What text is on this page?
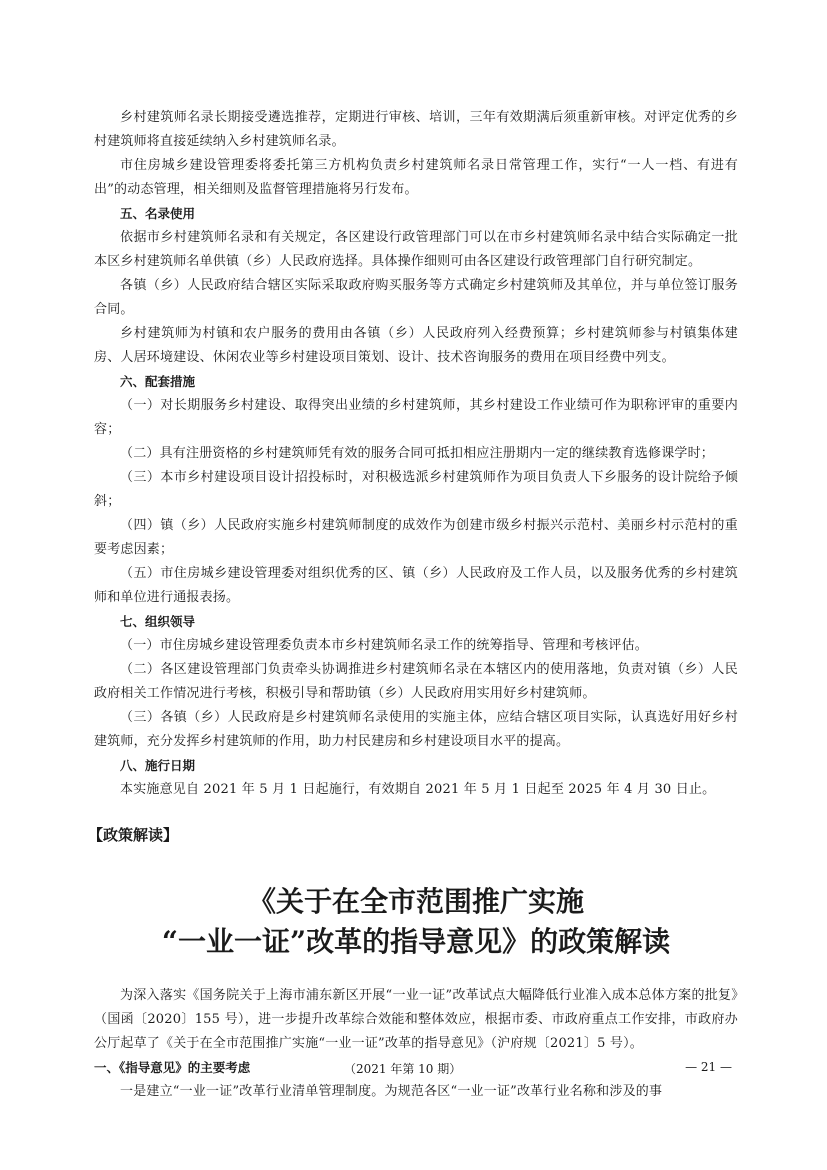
乡村建筑师名录长期接受遴选推荐，定期进行审核、培训，三年有效期满后须重新审核。对评定优秀的乡村建筑师将直接延续纳入乡村建筑师名录。

市住房城乡建设管理委将委托第三方机构负责乡村建筑师名录日常管理工作，实行“一人一档、有进有出”的动态管理，相关细则及监督管理措施将另行发布。

五、名录使用

依据市乡村建筑师名录和有关规定，各区建设行政管理部门可以在市乡村建筑师名录中结合实际确定一批本区乡村建筑师名单供镇（乡）人民政府选择。具体操作细则可由各区建设行政管理部门自行研究制定。

各镇（乡）人民政府结合辖区实际采取政府购买服务等方式确定乡村建筑师及其单位，并与单位签订服务合同。

乡村建筑师为村镇和农户服务的费用由各镇（乡）人民政府列入经费预算；乡村建筑师参与村镇集体建房、人居环境建设、休闲农业等乡村建设项目策划、设计、技术咨询服务的费用在项目经费中列支。

六、配套措施

（一）对长期服务乡村建设、取得突出业绩的乡村建筑师，其乡村建设工作业绩可作为职称评审的重要内容；

（二）具有注册资格的乡村建筑师凭有效的服务合同可抵扣相应注册期内一定的继续教育选修课学时；

（三）本市乡村建设项目设计招投标时，对积极选派乡村建筑师作为项目负责人下乡服务的设计院给予倾斜；

（四）镇（乡）人民政府实施乡村建筑师制度的成效作为创建市级乡村振兴示范村、美丽乡村示范村的重要考虑因素；

（五）市住房城乡建设管理委对组织优秀的区、镇（乡）人民政府及工作人员，以及服务优秀的乡村建筑师和单位进行通报表扬。

七、组织领导

（一）市住房城乡建设管理委负责本市乡村建筑师名录工作的统筹指导、管理和考核评估。

（二）各区建设管理部门负责牵头协调推进乡村建筑师名录在本辖区内的使用落地，负责对镇（乡）人民政府相关工作情况进行考核，积极引导和帮助镇（乡）人民政府用实用好乡村建筑师。

（三）各镇（乡）人民政府是乡村建筑师名录使用的实施主体，应结合辖区项目实际，认真选好用好乡村建筑师，充分发挥乡村建筑师的作用，助力村民建房和乡村建设项目水平的提高。

八、施行日期

本实施意见自 2021 年 5 月 1 日起施行，有效期自 2021 年 5 月 1 日起至 2025 年 4 月 30 日止。

【政策解读】
《关于在全市范围推广实施
“一业一证”改革的指导意见》的政策解读

为深入落实《国务院关于上海市浦东新区开展“一业一证”改革试点大幅降低行业准入成本总体方案的批复》（国函〔2020〕155 号），进一步提升改革综合效能和整体效应，根据市委、市政府重点工作安排，市政府办公厅起草了《关于在全市范围推广实施“一业一证”改革的指导意见》（沪府规〔2021〕5 号）。

一、《指导意见》的主要考虑

一是建立“一业一证”改革行业清单管理制度。为规范各区“一业一证”改革行业名称和涉及的事

（2021 年第 10 期）	— 21 —
